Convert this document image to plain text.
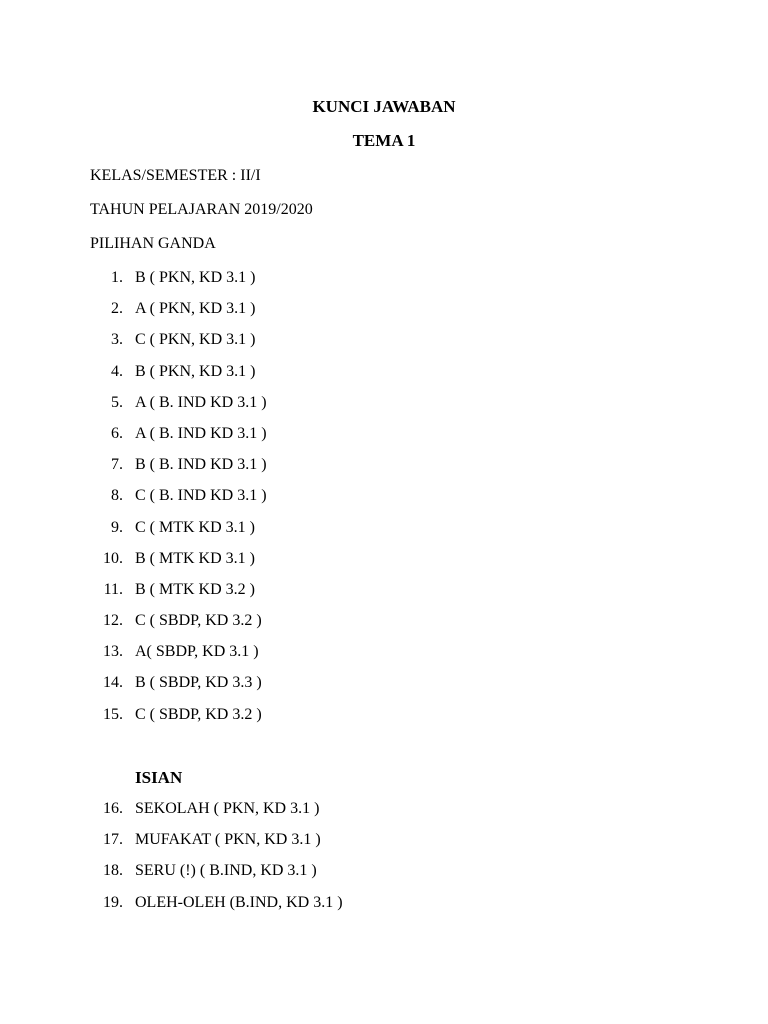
KUNCI JAWABAN
TEMA 1
KELAS/SEMESTER : II/I
TAHUN PELAJARAN 2019/2020
PILIHAN GANDA
1. B ( PKN, KD 3.1 )
2. A ( PKN, KD 3.1 )
3. C ( PKN, KD 3.1 )
4. B ( PKN, KD 3.1 )
5. A ( B. IND KD 3.1 )
6. A ( B. IND KD 3.1 )
7. B ( B. IND KD 3.1 )
8. C ( B. IND KD 3.1 )
9. C ( MTK KD 3.1 )
10. B ( MTK KD 3.1 )
11. B ( MTK KD 3.2 )
12. C ( SBDP, KD 3.2 )
13. A( SBDP, KD 3.1 )
14. B ( SBDP, KD 3.3 )
15. C ( SBDP, KD 3.2 )
ISIAN
16. SEKOLAH ( PKN, KD 3.1 )
17. MUFAKAT ( PKN, KD 3.1 )
18. SERU (!) ( B.IND, KD 3.1 )
19. OLEH-OLEH (B.IND, KD 3.1 )
